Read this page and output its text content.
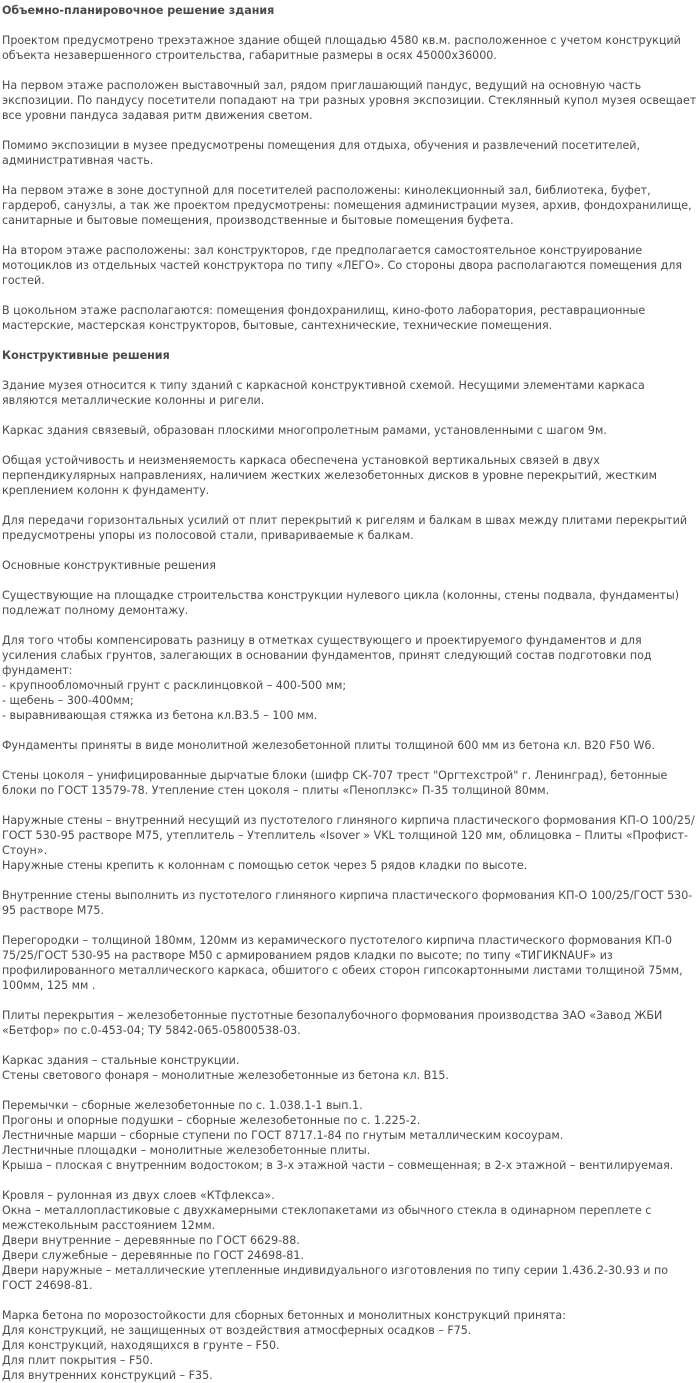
Объемно-планировочное решение здания
Проектом предусмотрено трехэтажное здание общей площадью 4580 кв.м. расположенное с учетом конструкций объекта незавершенного строительства, габаритные размеры в осях 45000х36000.
На первом этаже расположен выставочный зал, рядом приглашающий пандус, ведущий на основную часть экспозиции. По пандусу посетители попадают на три разных уровня экспозиции. Стеклянный купол музея освещает все уровни пандуса задавая ритм движения светом.
Помимо экспозиции в музее предусмотрены помещения для отдыха, обучения и развлечений посетителей, административная часть.
На первом этаже в зоне доступной для посетителей расположены: кинолекционный зал, библиотека, буфет, гардероб, санузлы, а так же проектом предусмотрены: помещения администрации музея, архив, фондохранилище, санитарные и бытовые помещения, производственные и бытовые помещения буфета.
На втором этаже расположены: зал конструкторов, где предполагается самостоятельное конструирование мотоциклов из отдельных частей конструктора по типу «ЛЕГО». Со стороны двора располагаются помещения для гостей.
В цокольном этаже располагаются: помещения фондохранилищ, кино-фото лаборатория, реставрационные мастерские, мастерская конструкторов, бытовые, сантехнические, технические помещения.
Конструктивные решения
Здание музея относится к типу зданий с каркасной конструктивной схемой. Несущими элементами каркаса являются металлические колонны и ригели.
Каркас здания связевый, образован плоскими многопролетным рамами, установленными с шагом 9м.
Общая устойчивость и неизменяемость каркаса обеспечена установкой вертикальных связей в двух перпендикулярных направлениях, наличием жестких железобетонных дисков в уровне перекрытий, жестким креплением колонн к фундаменту.
Для передачи горизонтальных усилий от плит перекрытий к ригелям и балкам в швах между плитами перекрытий предусмотрены упоры из полосовой стали, привариваемые к балкам.
Основные конструктивные решения
Существующие на площадке строительства конструкции нулевого цикла (колонны, стены подвала, фундаменты) подлежат полному демонтажу.
Для того чтобы компенсировать разницу в отметках существующего и проектируемого фундаментов и для усиления слабых грунтов, залегающих в основании фундаментов, принят следующий состав подготовки под фундамент:
- крупнообломочный грунт с расклинцовкой – 400-500 мм;
- щебень – 300-400мм;
- выравнивающая стяжка из бетона кл.В3.5 – 100 мм.
Фундаменты приняты в виде монолитной железобетонной плиты толщиной 600 мм из бетона кл. В20 F50 W6.
Стены цоколя – унифицированные дырчатые блоки (шифр СК-707 трест "Оргтехстрой" г. Ленинград), бетонные блоки по ГОСТ 13579-78. Утепление стен цоколя – плиты «Пеноплэкс» П-35 толщиной 80мм.
Наружные стены – внутренний несущий из пустотелого глиняного кирпича пластического формования КП-О 100/25/ГОСТ 530-95 растворе М75, утеплитель – Утеплитель «Isover » VKL толщиной 120 мм, облицовка – Плиты «Профист-Стоун».
Наружные стены крепить к колоннам с помощью сеток через 5 рядов кладки по высоте.
Внутренние стены выполнить из пустотелого глиняного кирпича пластического формования КП-О 100/25/ГОСТ 530-95 растворе М75.
Перегородки – толщиной 180мм, 120мм из керамического пустотелого кирпича пластического формования КП-0 75/25/ГОСТ 530-95 на растворе М50 с армированием рядов кладки по высоте; по типу «ТИГИКNAUF» из профилированного металлического каркаса, обшитого с обеих сторон гипсокартонными листами толщиной 75мм, 100мм, 125 мм .
Плиты перекрытия – железобетонные пустотные безопалубочного формования производства ЗАО «Завод ЖБИ «Бетфор» по с.0-453-04; ТУ 5842-065-05800538-03.
Каркас здания – стальные конструкции.
Стены светового фонаря – монолитные железобетонные из бетона кл. В15.
Перемычки – сборные железобетонные по с. 1.038.1-1 вып.1.
Прогоны и опорные подушки – сборные железобетонные по с. 1.225-2.
Лестничные марши – сборные ступени по ГОСТ 8717.1-84 по гнутым металлическим косоурам.
Лестничные площадки – монолитные железобетонные плиты.
Крыша – плоская с внутренним водостоком; в 3-х этажной части – совмещенная; в 2-х этажной – вентилируемая.
Кровля – рулонная из двух слоев «КТфлекса».
Окна – металлопластиковые с двухкамерными стеклопакетами из обычного стекла в одинарном переплете с межстекольным расстоянием 12мм.
Двери внутренние – деревянные по ГОСТ 6629-88.
Двери служебные – деревянные по ГОСТ 24698-81.
Двери наружные – металлические утепленные индивидуального изготовления по типу серии 1.436.2-30.93 и по ГОСТ 24698-81.
Марка бетона по морозостойкости для сборных бетонных и монолитных конструкций принята:
Для конструкций, не защищенных от воздействия атмосферных осадков – F75.
Для конструкций, находящихся в грунте – F50.
Для плит покрытия – F50.
Для внутренних конструкций – F35.
